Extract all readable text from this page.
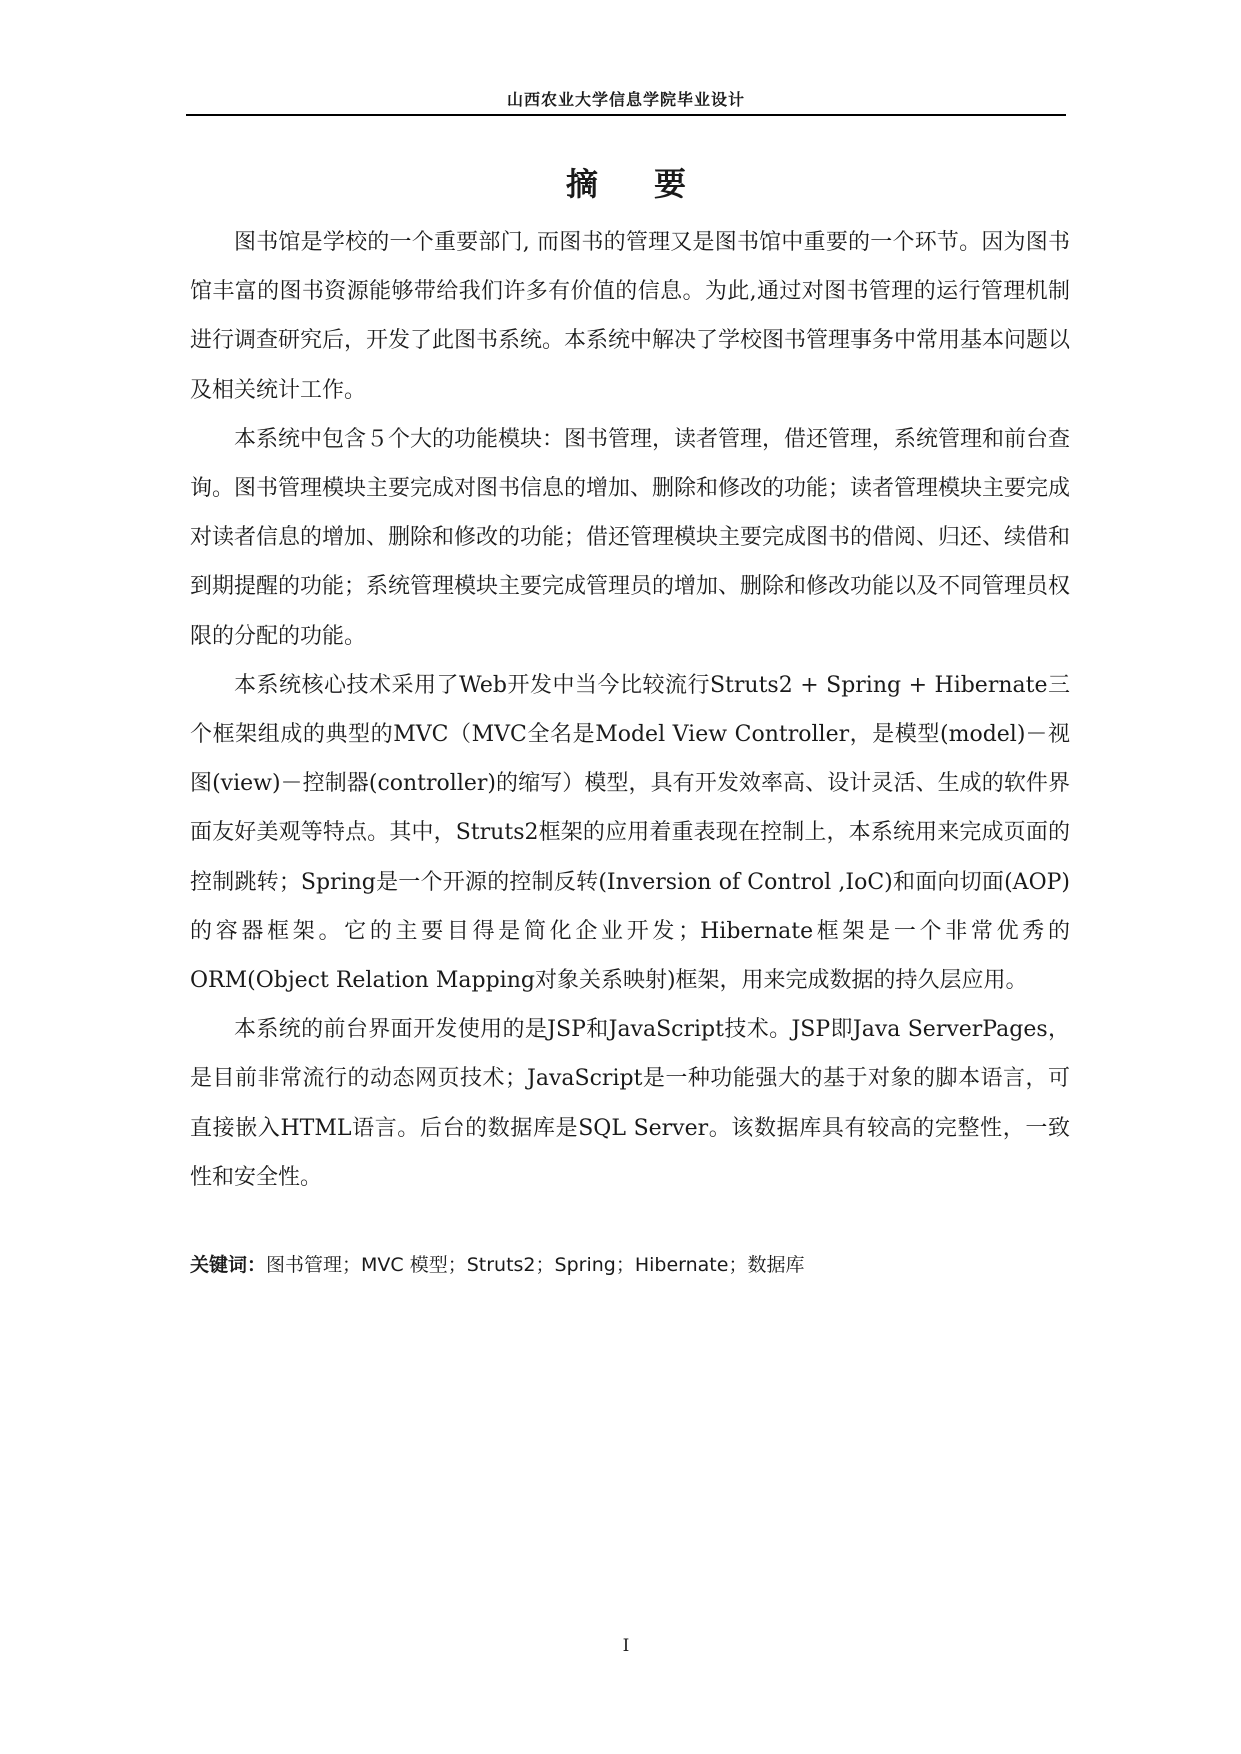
山西农业大学信息学院毕业设计
摘要

图书馆是学校的一个重要部门, 而图书的管理又是图书馆中重要的一个环节。因为图书馆丰富的图书资源能够带给我们许多有价值的信息。为此,通过对图书管理的运行管理机制进行调查研究后，开发了此图书系统。本系统中解决了学校图书管理事务中常用基本问题以及相关统计工作。

本系统中包含５个大的功能模块：图书管理，读者管理，借还管理，系统管理和前台查询。图书管理模块主要完成对图书信息的增加、删除和修改的功能；读者管理模块主要完成对读者信息的增加、删除和修改的功能；借还管理模块主要完成图书的借阅、归还、续借和到期提醒的功能；系统管理模块主要完成管理员的增加、删除和修改功能以及不同管理员权限的分配的功能。

本系统核心技术采用了Web开发中当今比较流行Struts2 + Spring + Hibernate三个框架组成的典型的MVC（MVC全名是Model View Controller，是模型(model)－视图(view)－控制器(controller)的缩写）模型，具有开发效率高、设计灵活、生成的软件界面友好美观等特点。其中，Struts2框架的应用着重表现在控制上，本系统用来完成页面的控制跳转；Spring是一个开源的控制反转(Inversion of Control ,IoC)和面向切面(AOP)的容器框架。它的主要目得是简化企业开发；Hibernate框架是一个非常优秀的ORM(Object Relation Mapping对象关系映射)框架，用来完成数据的持久层应用。

本系统的前台界面开发使用的是JSP和JavaScript技术。JSP即Java ServerPages，是目前非常流行的动态网页技术；JavaScript是一种功能强大的基于对象的脚本语言，可直接嵌入HTML语言。后台的数据库是SQL Server。该数据库具有较高的完整性，一致性和安全性。

关键词：图书管理；MVC 模型；Struts2；Spring；Hibernate；数据库
I
